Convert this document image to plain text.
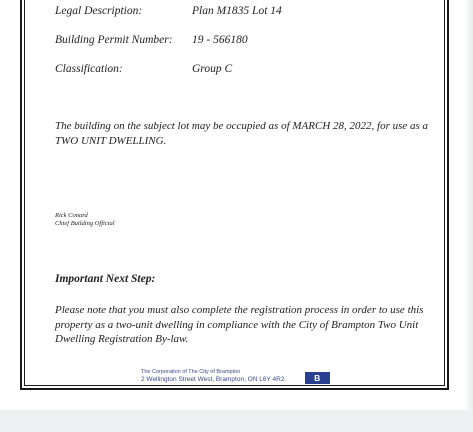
Legal Description:	Plan M1835 Lot 14
Building Permit Number: 19 - 566180
Classification:	Group C
The building on the subject lot may be occupied as of MARCH 28, 2022, for use as a
TWO UNIT DWELLING.
Rick Conard
Chief Building Official
Important Next Step:
Please note that you must also complete the registration process in order to use this
property as a two-unit dwelling in compliance with the City of Brampton Two Unit
Dwelling Registration By-law.
The Corporation of The City of Brampton
2 Wellington Street West, Brampton, ON L6Y 4R2	B
